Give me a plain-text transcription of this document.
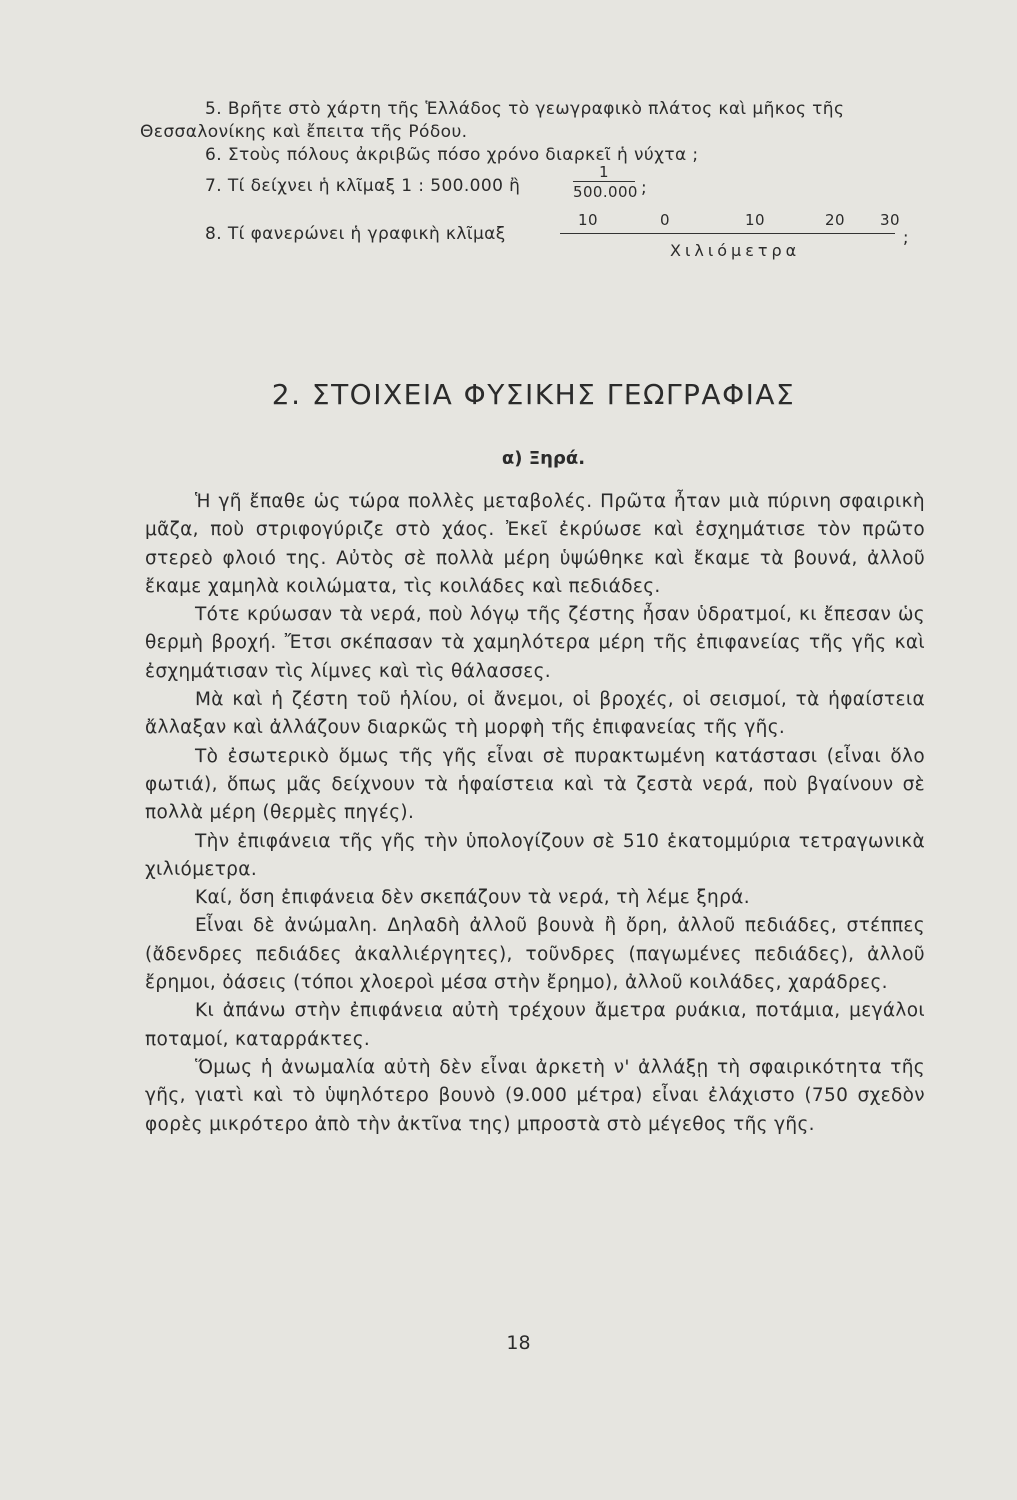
5. Βρῆτε στὸ χάρτη τῆς Ἑλλάδος τὸ γεωγραφικὸ πλάτος καὶ μῆκος τῆς

Θεσσαλονίκης καὶ ἔπειτα τῆς Ρόδου.

6. Στοὺς πόλους ἀκριβῶς πόσο χρόνο διαρκεῖ ἡ νύχτα ;

7. Τί δείχνει ἡ κλῖμαξ 1 : 500.000 ἢ	$\frac{1}{500.000}$ ;
8. Τί φανερώνει ἡ γραφικὴ κλῖμαξ
10	0	10	20 30
Χιλιόμετρα
;
2. ΣΤΟΙΧΕΙΑ ΦΥΣΙΚΗΣ ΓΕΩΓΡΑΦΙΑΣ
α) Ξηρά.

Ἡ γῆ ἔπαθε ὡς τώρα πολλὲς μεταβολές. Πρῶτα ἦταν μιὰ πύρινη σφαιρικὴ μᾶζα, ποὺ στριφογύριζε στὸ χάος. Ἐκεῖ ἐκρύωσε καὶ ἐσχημάτισε τὸν πρῶτο στερεὸ φλοιό της. Αὐτὸς σὲ πολλὰ μέρη ὑψώθηκε καὶ ἔκαμε τὰ βουνά, ἀλλοῦ ἔκαμε χαμηλὰ κοιλώματα, τὶς κοιλάδες καὶ πεδιάδες.

Τότε κρύωσαν τὰ νερά, ποὺ λόγῳ τῆς ζέστης ἦσαν ὑδρατμοί, κι ἔπεσαν ὡς θερμὴ βροχή. Ἔτσι σκέπασαν τὰ χαμηλότερα μέρη τῆς ἐπιφανείας τῆς γῆς καὶ ἐσχημάτισαν τὶς λίμνες καὶ τὶς θάλασσες.

Μὰ καὶ ἡ ζέστη τοῦ ἡλίου, οἱ ἄνεμοι, οἱ βροχές, οἱ σεισμοί, τὰ ἡφαίστεια ἄλλαξαν καὶ ἀλλάζουν διαρκῶς τὴ μορφὴ τῆς ἐπιφανείας τῆς γῆς.

Τὸ ἐσωτερικὸ ὅμως τῆς γῆς εἶναι σὲ πυρακτωμένη κατάστασι (εἶναι ὅλο φωτιά), ὅπως μᾶς δείχνουν τὰ ἡφαίστεια καὶ τὰ ζεστὰ νερά, ποὺ βγαίνουν σὲ πολλὰ μέρη (θερμὲς πηγές).

Τὴν ἐπιφάνεια τῆς γῆς τὴν ὑπολογίζουν σὲ 510 ἑκατομμύρια τετραγωνικὰ χιλιόμετρα.

Καί, ὅση ἐπιφάνεια δὲν σκεπάζουν τὰ νερά, τὴ λέμε ξηρά.

Εἶναι δὲ ἀνώμαλη. Δηλαδὴ ἀλλοῦ βουνὰ ἢ ὄρη, ἀλλοῦ πεδιάδες, στέππες (ἄδενδρες πεδιάδες ἀκαλλιέργητες), τοῦνδρες (παγωμένες πεδιάδες), ἀλλοῦ ἔρημοι, ὀάσεις (τόποι χλοεροὶ μέσα στὴν ἔρημο), ἀλλοῦ κοιλάδες, χαράδρες.

Κι ἀπάνω στὴν ἐπιφάνεια αὐτὴ τρέχουν ἄμετρα ρυάκια, ποτάμια, μεγάλοι ποταμοί, καταρράκτες.

Ὅμως ἡ ἀνωμαλία αὐτὴ δὲν εἶναι ἀρκετὴ ν' ἀλλάξῃ τὴ σφαιρικότητα τῆς γῆς, γιατὶ καὶ τὸ ὑψηλότερο βουνὸ (9.000 μέτρα) εἶναι ἐλάχιστο (750 σχεδὸν φορὲς μικρότερο ἀπὸ τὴν ἀκτῖνα της) μπροστὰ στὸ μέγεθος τῆς γῆς.

18
